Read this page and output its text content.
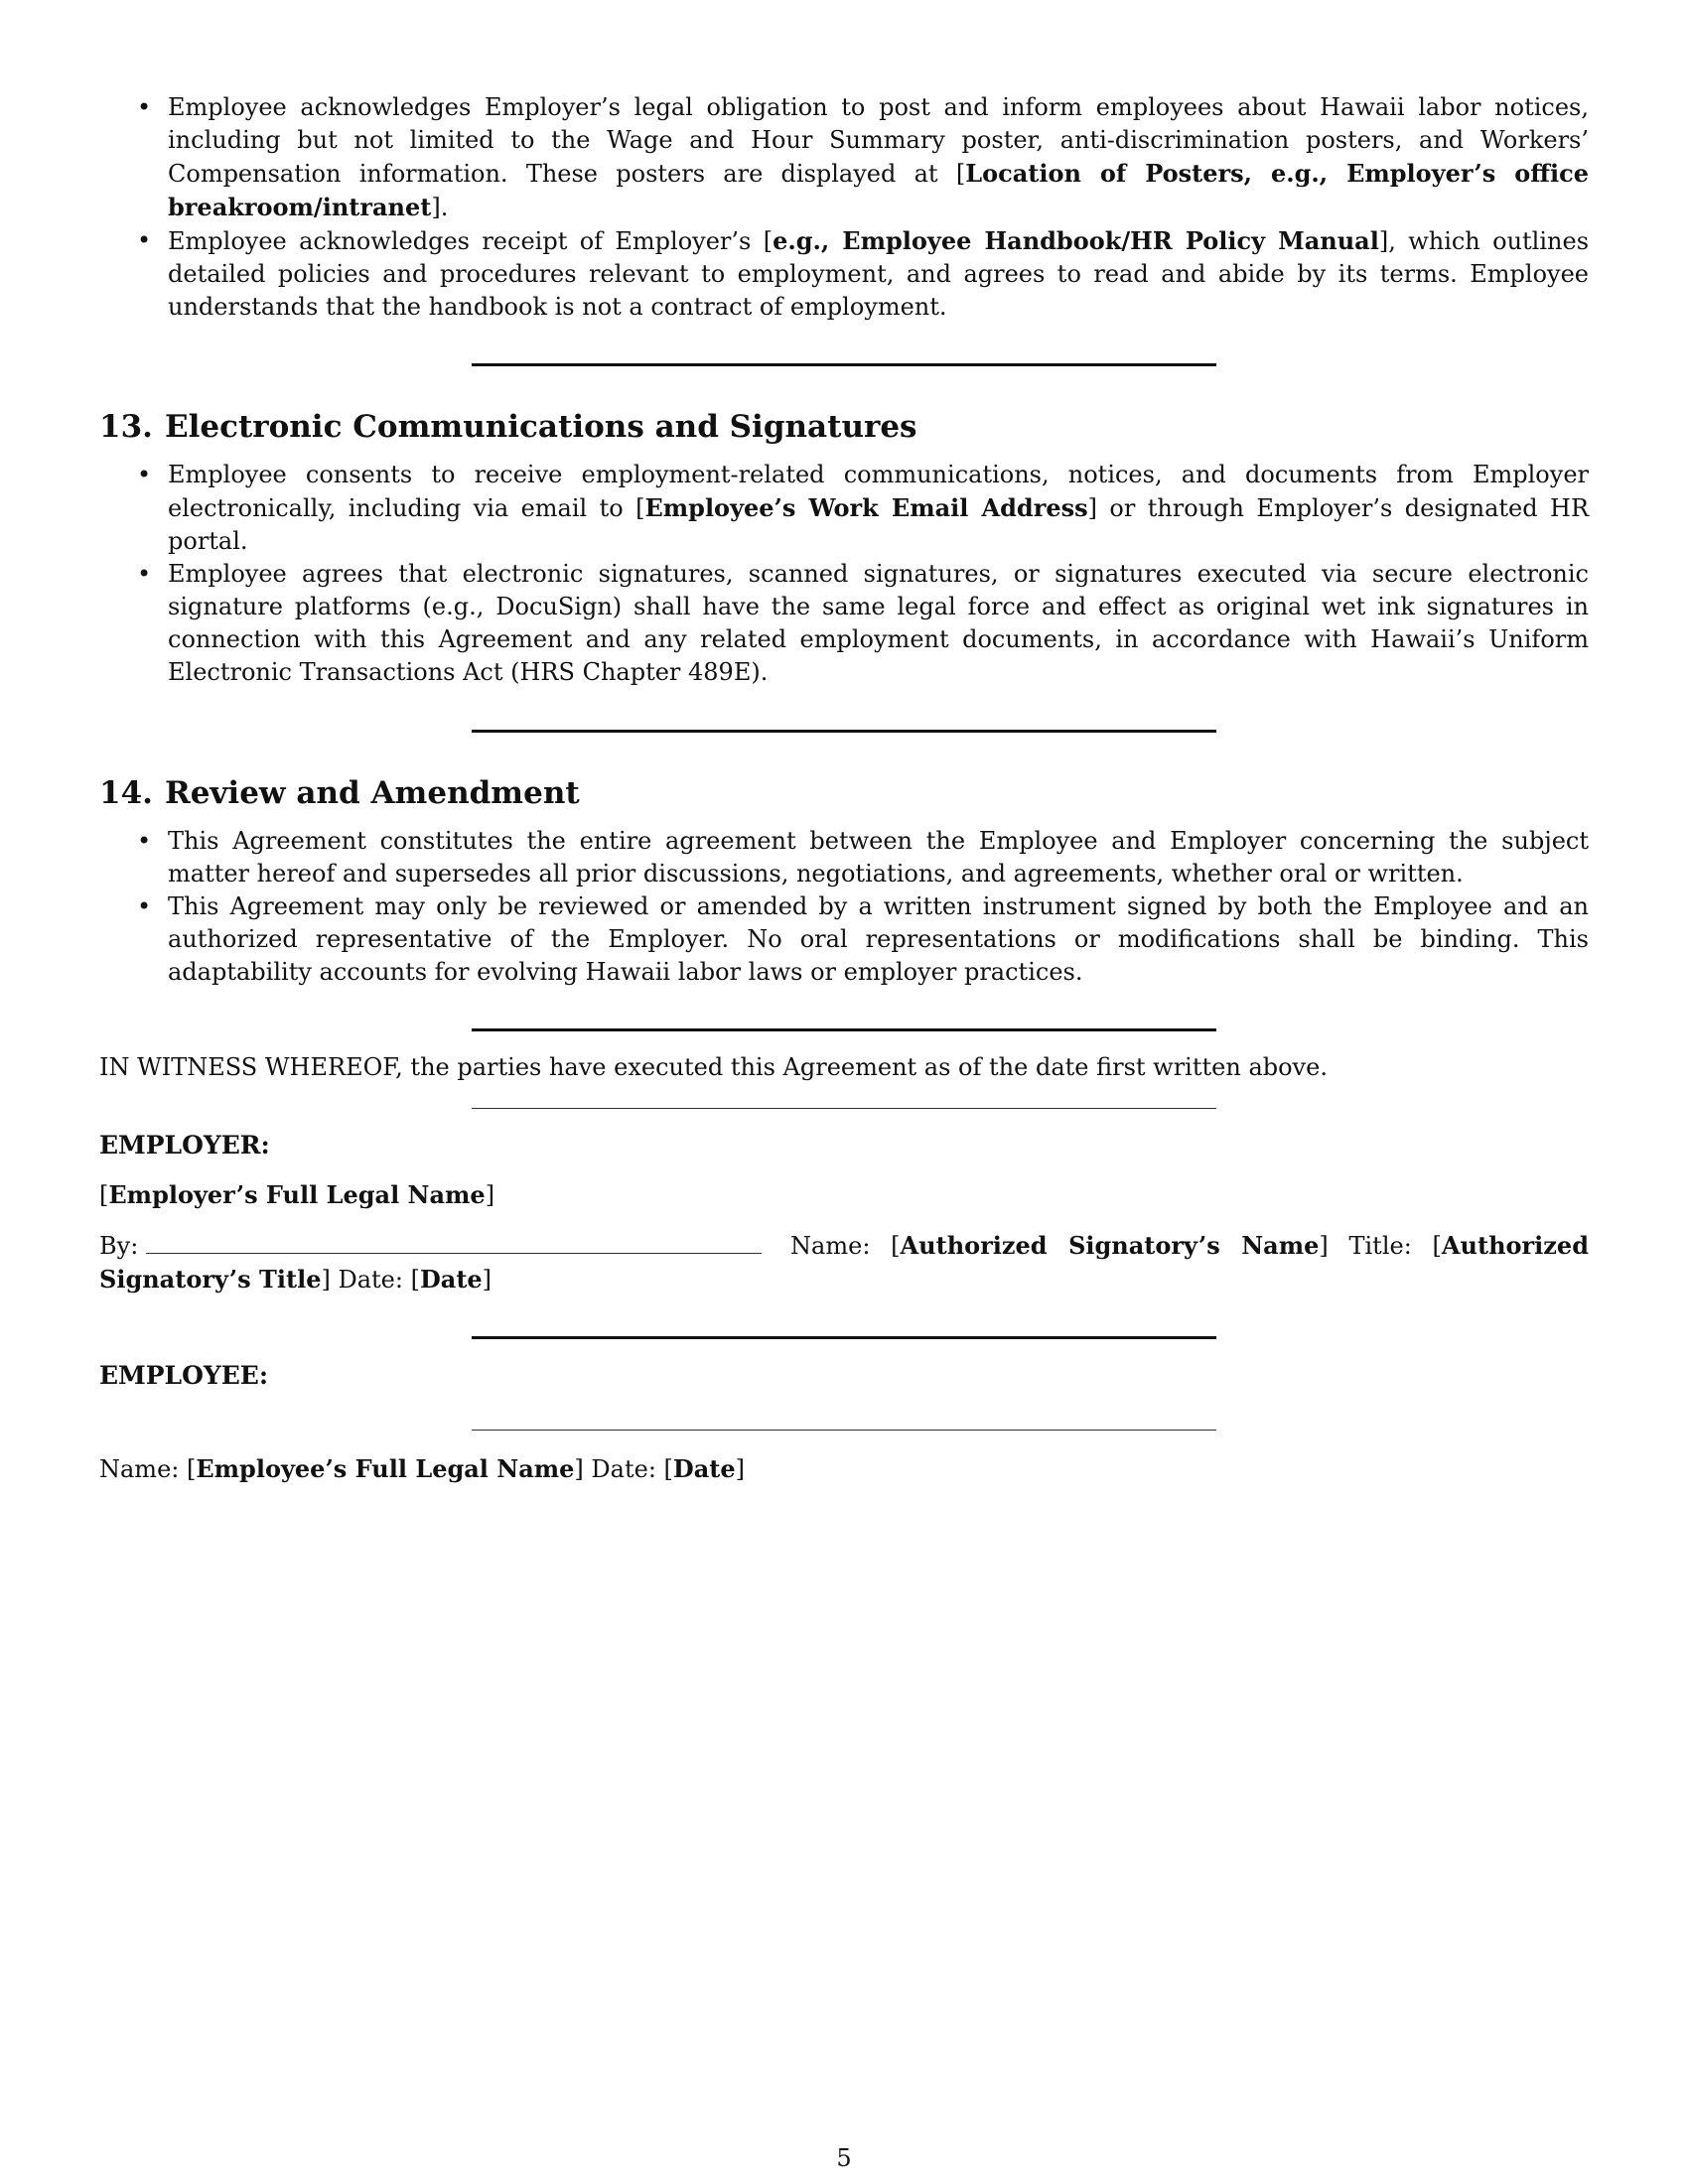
• Employee acknowledges Employer’s legal obligation to post and inform employees about Hawaii labor notices, including but not limited to the Wage and Hour Summary poster, anti-discrimination posters, and Workers’ Compensation information. These posters are displayed at [Location of Posters, e.g., Employer’s office breakroom/intranet].
• Employee acknowledges receipt of Employer’s [e.g., Employee Handbook/HR Policy Manual], which outlines detailed policies and procedures relevant to employment, and agrees to read and abide by its terms. Employee understands that the handbook is not a contract of employment.
13. Electronic Communications and Signatures
• Employee consents to receive employment-related communications, notices, and documents from Employer electronically, including via email to [Employee’s Work Email Address] or through Employer’s designated HR portal.
• Employee agrees that electronic signatures, scanned signatures, or signatures executed via secure electronic signature platforms (e.g., DocuSign) shall have the same legal force and effect as original wet ink signatures in connection with this Agreement and any related employment documents, in accordance with Hawaii’s Uniform Electronic Transactions Act (HRS Chapter 489E).
14. Review and Amendment
• This Agreement constitutes the entire agreement between the Employee and Employer concerning the subject matter hereof and supersedes all prior discussions, negotiations, and agreements, whether oral or written.
• This Agreement may only be reviewed or amended by a written instrument signed by both the Employee and an authorized representative of the Employer. No oral representations or modifications shall be binding. This adaptability accounts for evolving Hawaii labor laws or employer practices.
IN WITNESS WHEREOF, the parties have executed this Agreement as of the date first written above.
EMPLOYER:
[Employer’s Full Legal Name]
By:	Name: [Authorized Signatory’s Name] Title: [Authorized Signatory’s Title] Date: [Date]
EMPLOYEE:
Name: [Employee’s Full Legal Name] Date: [Date]
5
